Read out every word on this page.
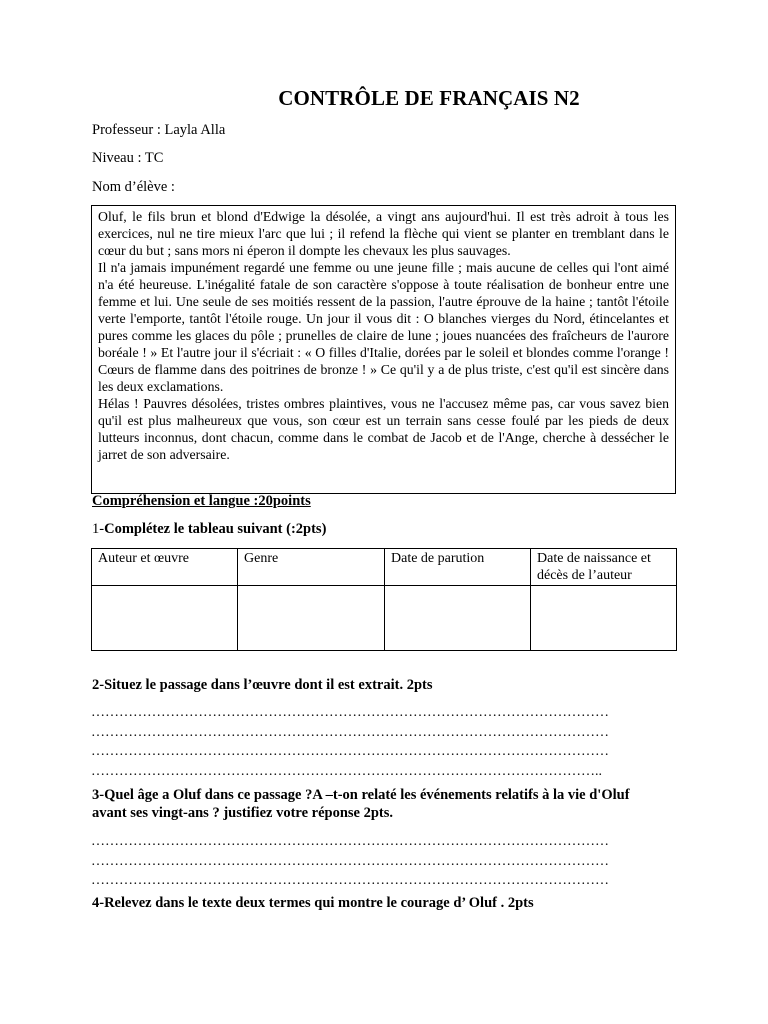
CONTRÔLE DE FRANÇAIS N2
Professeur : Layla Alla
Niveau : TC
Nom d’élève :

Oluf, le fils brun et blond d'Edwige la désolée, a vingt ans aujourd'hui. Il est très adroit à tous les exercices, nul ne tire mieux l'arc que lui ; il refend la flèche qui vient se planter en tremblant dans le cœur du but ; sans mors ni éperon il dompte les chevaux les plus sauvages.

Il n'a jamais impunément regardé une femme ou une jeune fille ; mais aucune de celles qui l'ont aimé n'a été heureuse. L'inégalité fatale de son caractère s'oppose à toute réalisation de bonheur entre une femme et lui. Une seule de ses moitiés ressent de la passion, l'autre éprouve de la haine ; tantôt l'étoile verte l'emporte, tantôt l'étoile rouge. Un jour il vous dit : O blanches vierges du Nord, étincelantes et pures comme les glaces du pôle ; prunelles de claire de lune ; joues nuancées des fraîcheurs de l'aurore boréale ! » Et l'autre jour il s'écriait : « O filles d'Italie, dorées par le soleil et blondes comme l'orange ! Cœurs de flamme dans des poitrines de bronze ! » Ce qu'il y a de plus triste, c'est qu'il est sincère dans les deux exclamations.

Hélas ! Pauvres désolées, tristes ombres plaintives, vous ne l'accusez même pas, car vous savez bien qu'il est plus malheureux que vous, son cœur est un terrain sans cesse foulé par les pieds de deux lutteurs inconnus, dont chacun, comme dans le combat de Jacob et de l'Ange, cherche à dessécher le jarret de son adversaire.

Compréhension et langue :20points
1-Complétez le tableau suivant (:2pts)
Auteur et œuvre	Genre	Date de parution	Date de naissance et décès de l’auteur

2-Situez le passage dans l’œuvre dont il est extrait. 2pts
…………………………………………………………………………………………………
…………………………………………………………………………………………………
…………………………………………………………………………………………………
………………………………………………………………………………………………..
3-Quel âge a Oluf dans ce passage ?A –t-on relaté les événements relatifs à la vie d'Oluf
avant ses vingt-ans ? justifiez votre réponse 2pts.
…………………………………………………………………………………………………
…………………………………………………………………………………………………
…………………………………………………………………………………………………
4-Relevez dans le texte deux termes qui montre le courage d’ Oluf . 2pts
